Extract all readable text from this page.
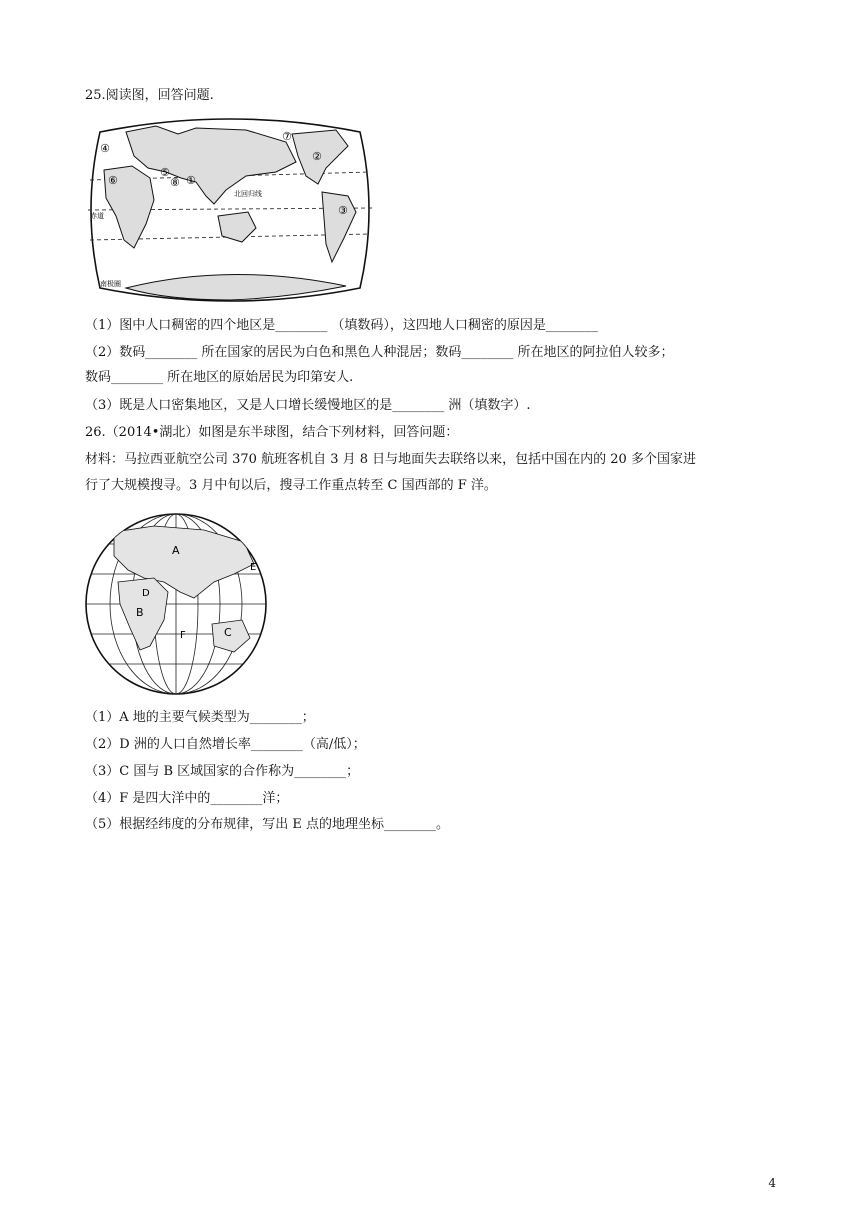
25.阅读图，回答问题.
④
⑥
⑤
⑧ ①
⑦
②
③
北回归线
赤道
南极圈
（1）图中人口稠密的四个地区是________ （填数码），这四地人口稠密的原因是________
（2）数码________ 所在国家的居民为白色和黑色人种混居；数码________ 所在地区的阿拉伯人较多；
数码________ 所在地区的原始居民为印第安人.
（3）既是人口密集地区，又是人口增长缓慢地区的是________ 洲（填数字）.
26.（2014•湖北）如图是东半球图，结合下列材料，回答问题：
材料：马拉西亚航空公司 370 航班客机自 3 月 8 日与地面失去联络以来，包括中国在内的 20 多个国家进
行了大规模搜寻。3 月中旬以后，搜寻工作重点转至 C 国西部的 F 洋。
A
E
D
B
C
F
（1）A 地的主要气候类型为________；
（2）D 洲的人口自然增长率________（高/低）；
（3）C 国与 B 区域国家的合作称为________；
（4）F 是四大洋中的________洋；
（5）根据经纬度的分布规律，写出 E 点的地理坐标________。
4
